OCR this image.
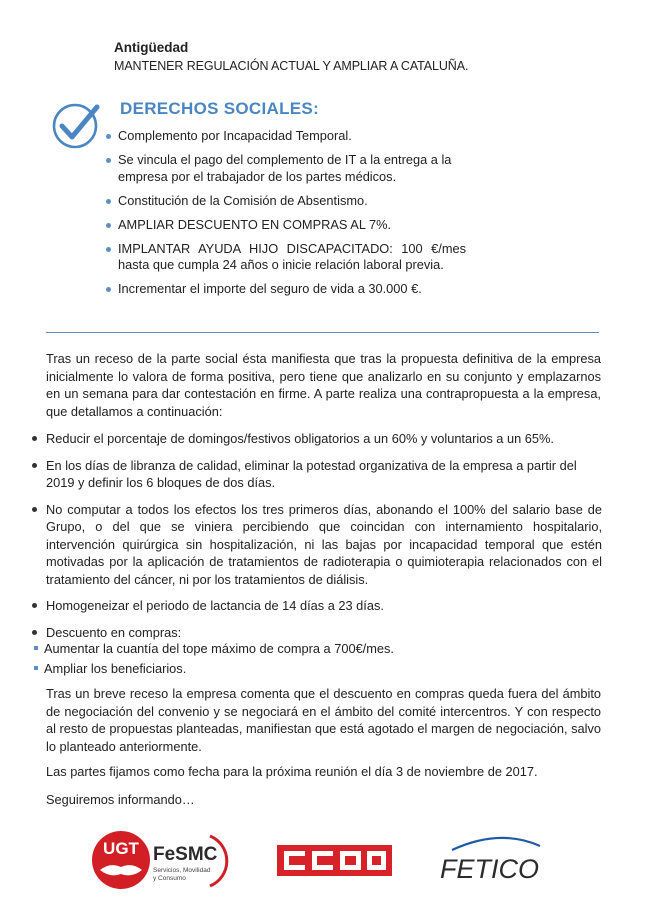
Antigüedad
MANTENER REGULACIÓN ACTUAL Y AMPLIAR A CATALUÑA.
DERECHOS SOCIALES:
Complemento por Incapacidad Temporal.
Se vincula el pago del complemento de IT a la entrega a la empresa por el trabajador de los partes médicos.
Constitución de la Comisión de Absentismo.
AMPLIAR DESCUENTO EN COMPRAS AL 7%.
IMPLANTAR AYUDA HIJO DISCAPACITADO: 100 €/mes hasta que cumpla 24 años o inicie relación laboral previa.
Incrementar el importe del seguro de vida a 30.000 €.

Tras un receso de la parte social ésta manifiesta que tras la propuesta definitiva de la empresa inicialmente lo valora de forma positiva, pero tiene que analizarlo en su conjunto y emplazarnos en un semana para dar contestación en firme. A parte realiza una contrapropuesta a la empresa, que detallamos a continuación:

Reducir el porcentaje de domingos/festivos obligatorios a un 60% y voluntarios a un 65%.
En los días de libranza de calidad, eliminar la potestad organizativa de la empresa a partir del 2019 y definir los 6 bloques de dos días.
No computar a todos los efectos los tres primeros días, abonando el 100% del salario base de Grupo, o del que se viniera percibiendo que coincidan con internamiento hospitalario, intervención quirúrgica sin hospitalización, ni las bajas por incapacidad temporal que estén motivadas por la aplicación de tratamientos de radioterapia o quimioterapia relacionados con el tratamiento del cáncer, ni por los tratamientos de diálisis.
Homogeneizar el periodo de lactancia de 14 días a 23 días.
Descuento en compras:
Aumentar la cuantía del tope máximo de compra a 700€/mes.
Ampliar los beneficiarios.

Tras un breve receso la empresa comenta que el descuento en compras queda fuera del ámbito de negociación del convenio y se negociará en el ámbito del comité intercentros. Y con respecto al resto de propuestas planteadas, manifiestan que está agotado el margen de negociación, salvo lo planteado anteriormente.

Las partes fijamos como fecha para la próxima reunión el día 3 de noviembre de 2017.

Seguiremos informando…

UGT FeSMC
Servicios, Movilidad
y Consumo
CCOO
FETICO
